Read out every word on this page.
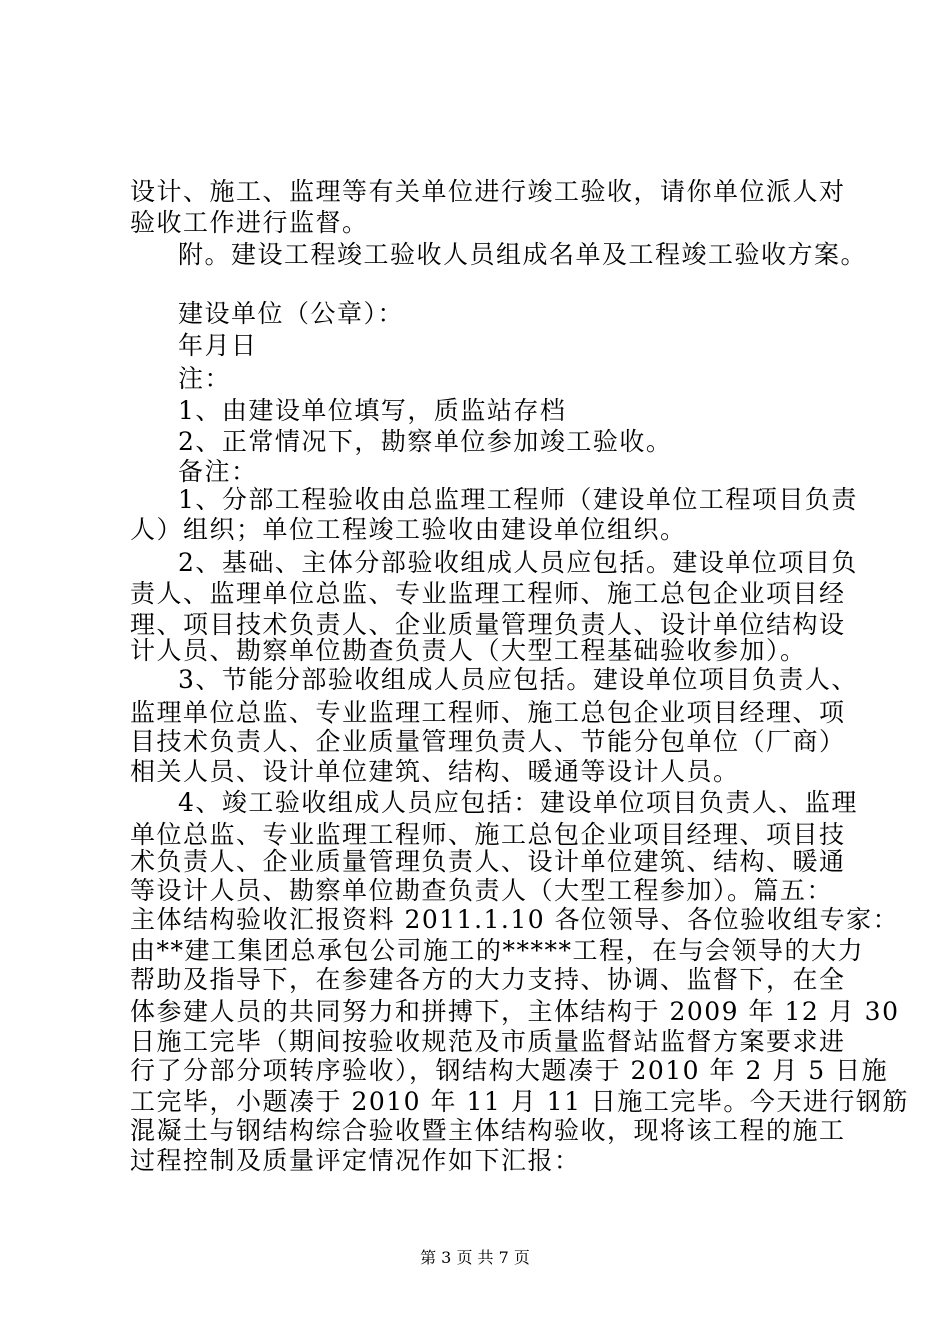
设计、施工、监理等有关单位进行竣工验收，请你单位派人对
验收工作进行监督。
附。建设工程竣工验收人员组成名单及工程竣工验收方案。
建设单位（公章）：
年月日
注：
1、由建设单位填写，质监站存档
2、正常情况下，勘察单位参加竣工验收。
备注：
1、分部工程验收由总监理工程师（建设单位工程项目负责
人）组织；单位工程竣工验收由建设单位组织。
2、基础、主体分部验收组成人员应包括。建设单位项目负
责人、监理单位总监、专业监理工程师、施工总包企业项目经
理、项目技术负责人、企业质量管理负责人、设计单位结构设
计人员、勘察单位勘查负责人（大型工程基础验收参加）。
3、节能分部验收组成人员应包括。建设单位项目负责人、
监理单位总监、专业监理工程师、施工总包企业项目经理、项
目技术负责人、企业质量管理负责人、节能分包单位（厂商）
相关人员、设计单位建筑、结构、暖通等设计人员。
4、竣工验收组成人员应包括：建设单位项目负责人、监理
单位总监、专业监理工程师、施工总包企业项目经理、项目技
术负责人、企业质量管理负责人、设计单位建筑、结构、暖通
等设计人员、勘察单位勘查负责人（大型工程参加）。篇五：
主体结构验收汇报资料 2011.1.10 各位领导、各位验收组专家：
由**建工集团总承包公司施工的*****工程，在与会领导的大力
帮助及指导下，在参建各方的大力支持、协调、监督下，在全
体参建人员的共同努力和拼搏下，主体结构于 2009 年 12 月 30
日施工完毕（期间按验收规范及市质量监督站监督方案要求进
行了分部分项转序验收），钢结构大题凑于 2010 年 2 月 5 日施
工完毕，小题凑于 2010 年 11 月 11 日施工完毕。今天进行钢筋
混凝土与钢结构综合验收暨主体结构验收，现将该工程的施工
过程控制及质量评定情况作如下汇报：
第 3 页 共 7 页
